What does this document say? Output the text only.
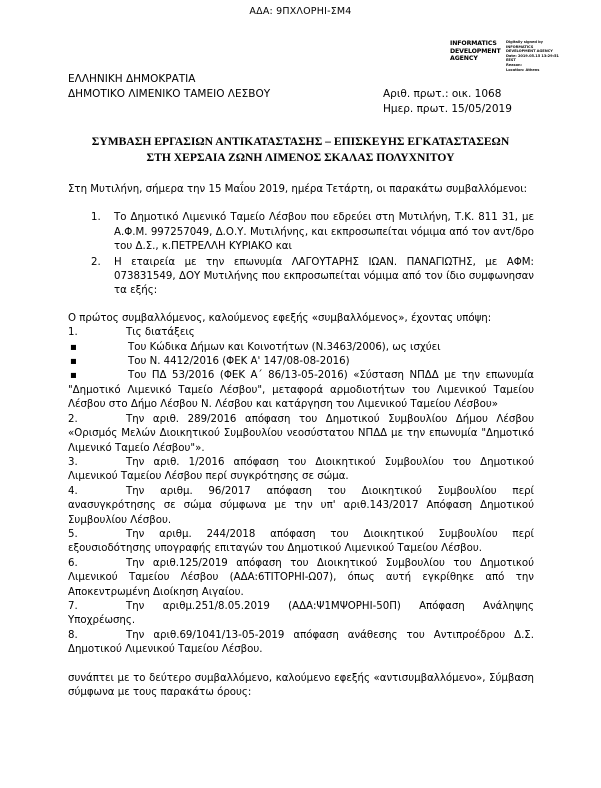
ΑΔΑ: 9ΠΧΛΟΡΗΙ-ΣΜ4
INFORMATICS DEVELOPMENT AGENCY
Digitally signed by
INFORMATICS
DEVELOPMENT AGENCY
Date: 2019.05.15 13:29:51
EEST
Reason:
Location: Athens
ΕΛΛΗΝΙΚΗ ΔΗΜΟΚΡΑΤΙΑ
ΔΗΜΟΤΙΚΟ ΛΙΜΕΝΙΚΟ ΤΑΜΕΙΟ ΛΕΣΒΟΥ	Αριθ. πρωτ.: οικ. 1068
Ημερ. πρωτ. 15/05/2019
ΣΥΜΒΑΣΗ ΕΡΓΑΣΙΩΝ ΑΝΤΙΚΑΤΑΣΤΑΣΗΣ – ΕΠΙΣΚΕΥΗΣ ΕΓΚΑΤΑΣΤΑΣΕΩΝ
ΣΤΗ ΧΕΡΣΑΙΑ ΖΩΝΗ ΛΙΜΕΝΟΣ ΣΚΑΛΑΣ ΠΟΛΥΧΝΙΤΟΥ

Στη Μυτιλήνη, σήμερα την 15 Μαΐου 2019, ημέρα Τετάρτη, οι παρακάτω συμβαλλόμενοι:

1. Το Δημοτικό Λιμενικό Ταμείο Λέσβου που εδρεύει στη Μυτιλήνη, Τ.Κ. 811 31, με Α.Φ.Μ. 997257049, Δ.Ο.Υ. Μυτιλήνης, και εκπροσωπείται νόμιμα από τον αντ/δρο του Δ.Σ., κ.ΠΕΤΡΕΛΛΗ ΚΥΡΙΑΚΟ και
2. Η εταιρεία με την επωνυμία ΛΑΓΟΥΤΑΡΗΣ ΙΩΑΝ. ΠΑΝΑΓΙΩΤΗΣ, με ΑΦΜ: 073831549, ΔΟΥ Μυτιλήνης που εκπροσωπείται νόμιμα από τον ίδιο συμφωνησαν τα εξής:

Ο πρώτος συμβαλλόμενος, καλούμενος εφεξής «συμβαλλόμενος», έχοντας υπόψη:

1.	Τις διατάξεις
▪	Του Κώδικα Δήμων και Κοινοτήτων (Ν.3463/2006), ως ισχύει
▪	Του Ν. 4412/2016 (ΦΕΚ Α' 147/08-08-2016)
▪	Του ΠΔ 53/2016 (ΦΕΚ Α΄ 86/13-05-2016) «Σύσταση ΝΠΔΔ με την επωνυμία "Δημοτικό Λιμενικό Ταμείο Λέσβου", μεταφορά αρμοδιοτήτων του Λιμενικού Ταμείου Λέσβου στο Δήμο Λέσβου Ν. Λέσβου και κατάργηση του Λιμενικού Ταμείου Λέσβου»
2.	Την αριθ. 289/2016 απόφαση του Δημοτικού Συμβουλίου Δήμου Λέσβου «Ορισμός Μελών Διοικητικού Συμβουλίου νεοσύστατου ΝΠΔΔ με την επωνυμία "Δημοτικό Λιμενικό Ταμείο Λέσβου"».
3.	Την αριθ. 1/2016 απόφαση του Διοικητικού Συμβουλίου του Δημοτικού Λιμενικού Ταμείου Λέσβου περί συγκρότησης σε σώμα.
4.	Την αριθμ. 96/2017 απόφαση του Διοικητικού Συμβουλίου περί ανασυγκρότησης σε σώμα σύμφωνα με την υπ' αριθ.143/2017 Απόφαση Δημοτικού Συμβουλίου Λέσβου.
5.	Την αριθμ. 244/2018 απόφαση του Διοικητικού Συμβουλίου περί εξουσιοδότησης υπογραφής επιταγών του Δημοτικού Λιμενικού Ταμείου Λέσβου.
6.	Την αριθ.125/2019 απόφαση του Διοικητικού Συμβουλίου του Δημοτικού Λιμενικού Ταμείου Λέσβου (ΑΔΑ:6ΤΙΤΟΡΗΙ-Ω07), όπως αυτή εγκρίθηκε από την Αποκεντρωμένη Διοίκηση Αιγαίου.
7.	Την αριθμ.251/8.05.2019 (ΑΔΑ:Ψ1ΜΨΟΡΗΙ-50Π) Απόφαση Ανάληψης Υποχρέωσης.
8.	Την αριθ.69/1041/13-05-2019 απόφαση ανάθεσης του Αντιπροέδρου Δ.Σ. Δημοτικού Λιμενικού Ταμείου Λέσβου.

συνάπτει με το δεύτερο συμβαλλόμενο, καλούμενο εφεξής «αντισυμβαλλόμενο», Σύμβαση σύμφωνα με τους παρακάτω όρους:
